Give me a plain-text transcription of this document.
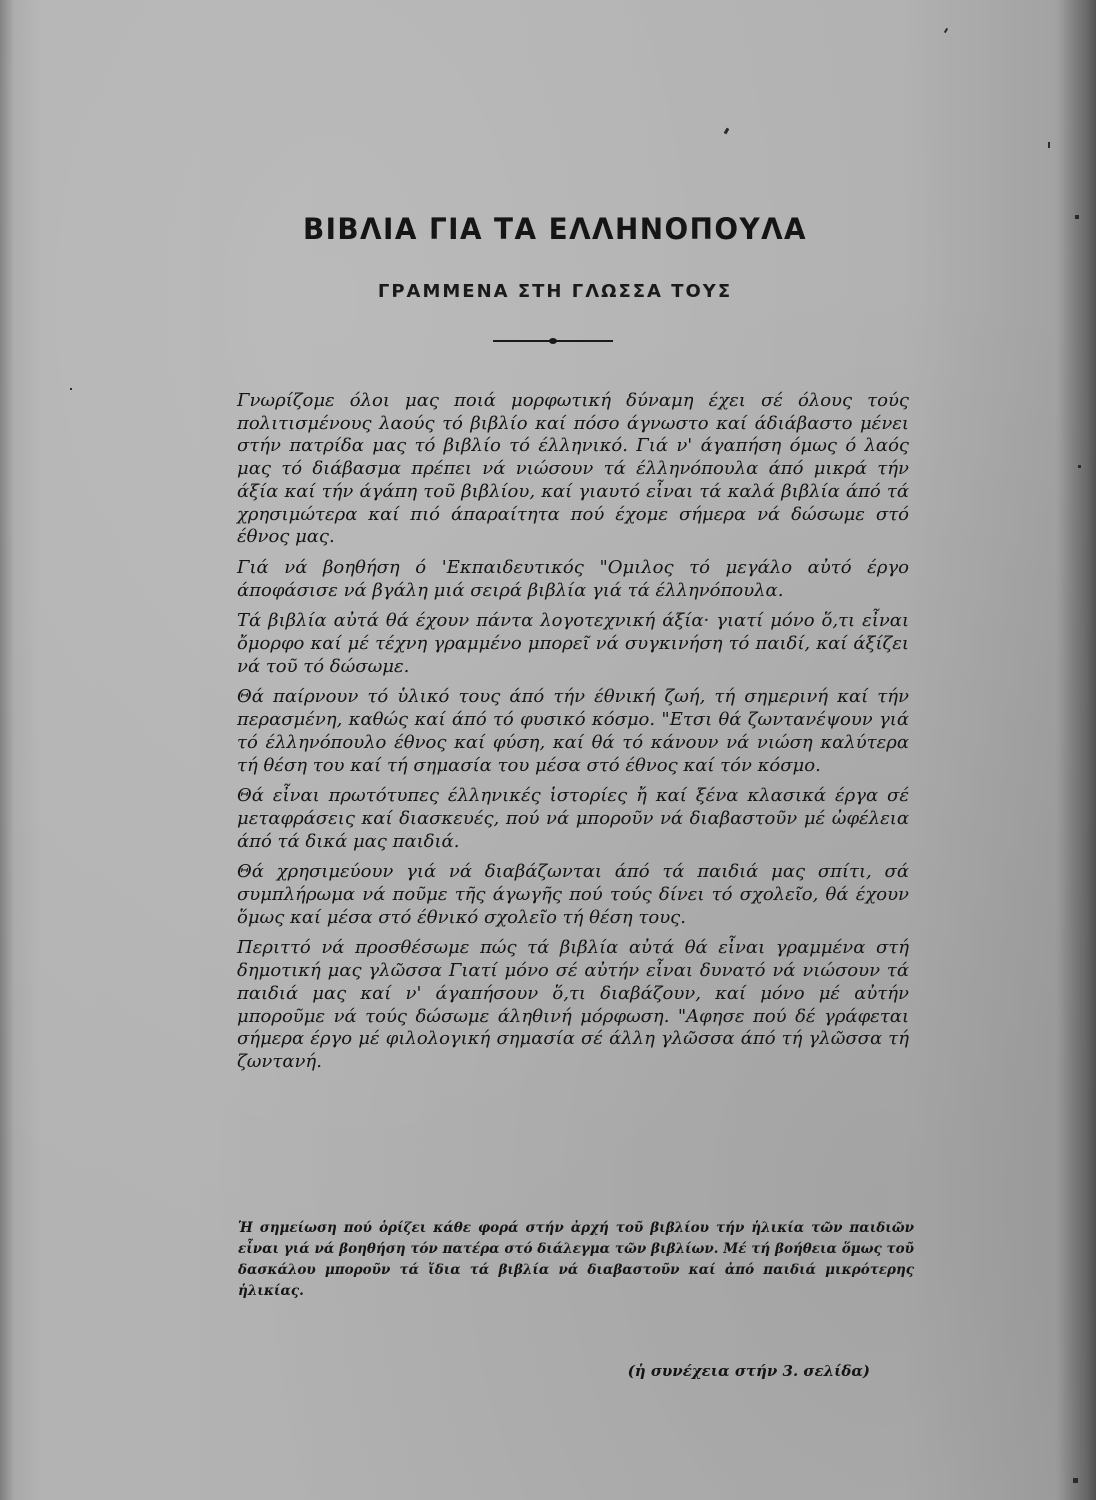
ΒΙΒΛΙΑ ΓΙΑ ΤΑ ΕΛΛΗΝΟΠΟΥΛΑ
ΓΡΑΜΜΕΝΑ ΣΤΗ ΓΛΩΣΣΑ ΤΟΥΣ

Γνωρίζομε όλοι μας ποιά μορφωτική δύναμη έχει σέ όλους τούς πολιτισμένους λαούς τό βιβλίο καί πόσο άγνωστο καί άδιάβαστο μένει στήν πατρίδα μας τό βιβλίο τό έλληνικό. Γιά ν' άγαπήση όμως ό λαός μας τό διάβασμα πρέπει νά νιώσουν τά έλληνόπουλα άπό μικρά τήν άξία καί τήν άγάπη τοῦ βιβλίου, καί γιαυτό εἶναι τά καλά βιβλία άπό τά χρησιμώτερα καί πιό άπαραίτητα πού έχομε σήμερα νά δώσωμε στό έθνος μας.

Γιά νά βοηθήση ό 'Εκπαιδευτικός "Ομιλος τό μεγάλο αὐτό έργο άποφάσισε νά βγάλη μιά σειρά βιβλία γιά τά έλληνόπουλα.

Τά βιβλία αὐτά θά έχουν πάντα λογοτεχνική άξία· γιατί μόνο ὅ,τι εἶναι ὄμορφο καί μέ τέχνη γραμμένο μπορεῖ νά συγκινήση τό παιδί, καί άξίζει νά τοῦ τό δώσωμε.

Θά παίρνουν τό ὑλικό τους άπό τήν έθνική ζωή, τή σημερινή καί τήν περασμένη, καθώς καί άπό τό φυσικό κόσμο. "Ετσι θά ζωντανέψουν γιά τό έλληνόπουλο έθνος καί φύση, καί θά τό κάνουν νά νιώση καλύτερα τή θέση του καί τή σημασία του μέσα στό έθνος καί τόν κόσμο.

Θά εἶναι πρωτότυπες έλληνικές ἱστορίες ἤ καί ξένα κλασικά έργα σέ μεταφράσεις καί διασκευές, πού νά μποροῦν νά διαβαστοῦν μέ ὠφέλεια άπό τά δικά μας παιδιά.

Θά χρησιμεύουν γιά νά διαβάζωνται άπό τά παιδιά μας σπίτι, σά συμπλήρωμα νά ποῦμε τῆς άγωγῆς πού τούς δίνει τό σχολεῖο, θά έχουν ὅμως καί μέσα στό έθνικό σχολεῖο τή θέση τους.

Περιττό νά προσθέσωμε πώς τά βιβλία αὐτά θά εἶναι γραμμένα στή δημοτική μας γλῶσσα Γιατί μόνο σέ αὐτήν εἶναι δυνατό νά νιώσουν τά παιδιά μας καί ν' άγαπήσουν ὅ,τι διαβάζουν, καί μόνο μέ αὐτήν μποροῦμε νά τούς δώσωμε άληθινή μόρφωση. "Αφησε πού δέ γράφεται σήμερα έργο μέ φιλολογική σημασία σέ άλλη γλῶσσα άπό τή γλῶσσα τή ζωντανή.

Ἡ σημείωση πού ὁρίζει κάθε φορά στήν ἀρχή τοῦ βιβλίου τήν ἡλικία τῶν παιδιῶν εἶναι γιά νά βοηθήση τόν πατέρα στό διάλεγμα τῶν βιβλίων. Μέ τή βοήθεια ὅμως τοῦ δασκάλου μποροῦν τά ἴδια τά βιβλία νά διαβαστοῦν καί ἀπό παιδιά μικρότερης ἡλικίας.

(ἡ συνέχεια στήν 3. σελίδα)
